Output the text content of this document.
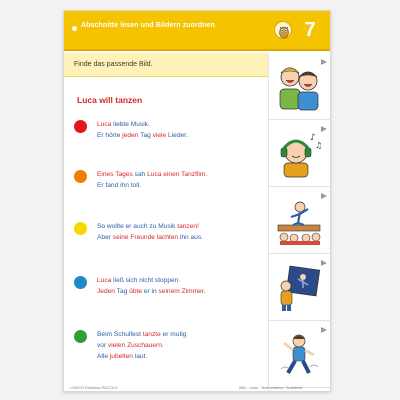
Abschnitte lesen und Bildern zuordnen	7
Finde das passende Bild.
Luca will tanzen
Luca liebte Musik.
Er hörte jeden Tag viele Lieder.
Eines Tages sah Luca einen Tanzfilm.
Er fand ihn toll.
So wollte er auch zu Musik tanzen!
Aber seine Freunde lachten ihn aus.
Luca ließ sich nicht stoppen.
Jeden Tag übte er in seinem Zimmer.
Beim Schulfest tanzte er mutig
vor vielen Zuschauern.
Alle jubelten laut.
♪
♫
LOGICO-Förderbox PICCOLO	5964 – Lesen · Texte verstehen · Erzähltexte
